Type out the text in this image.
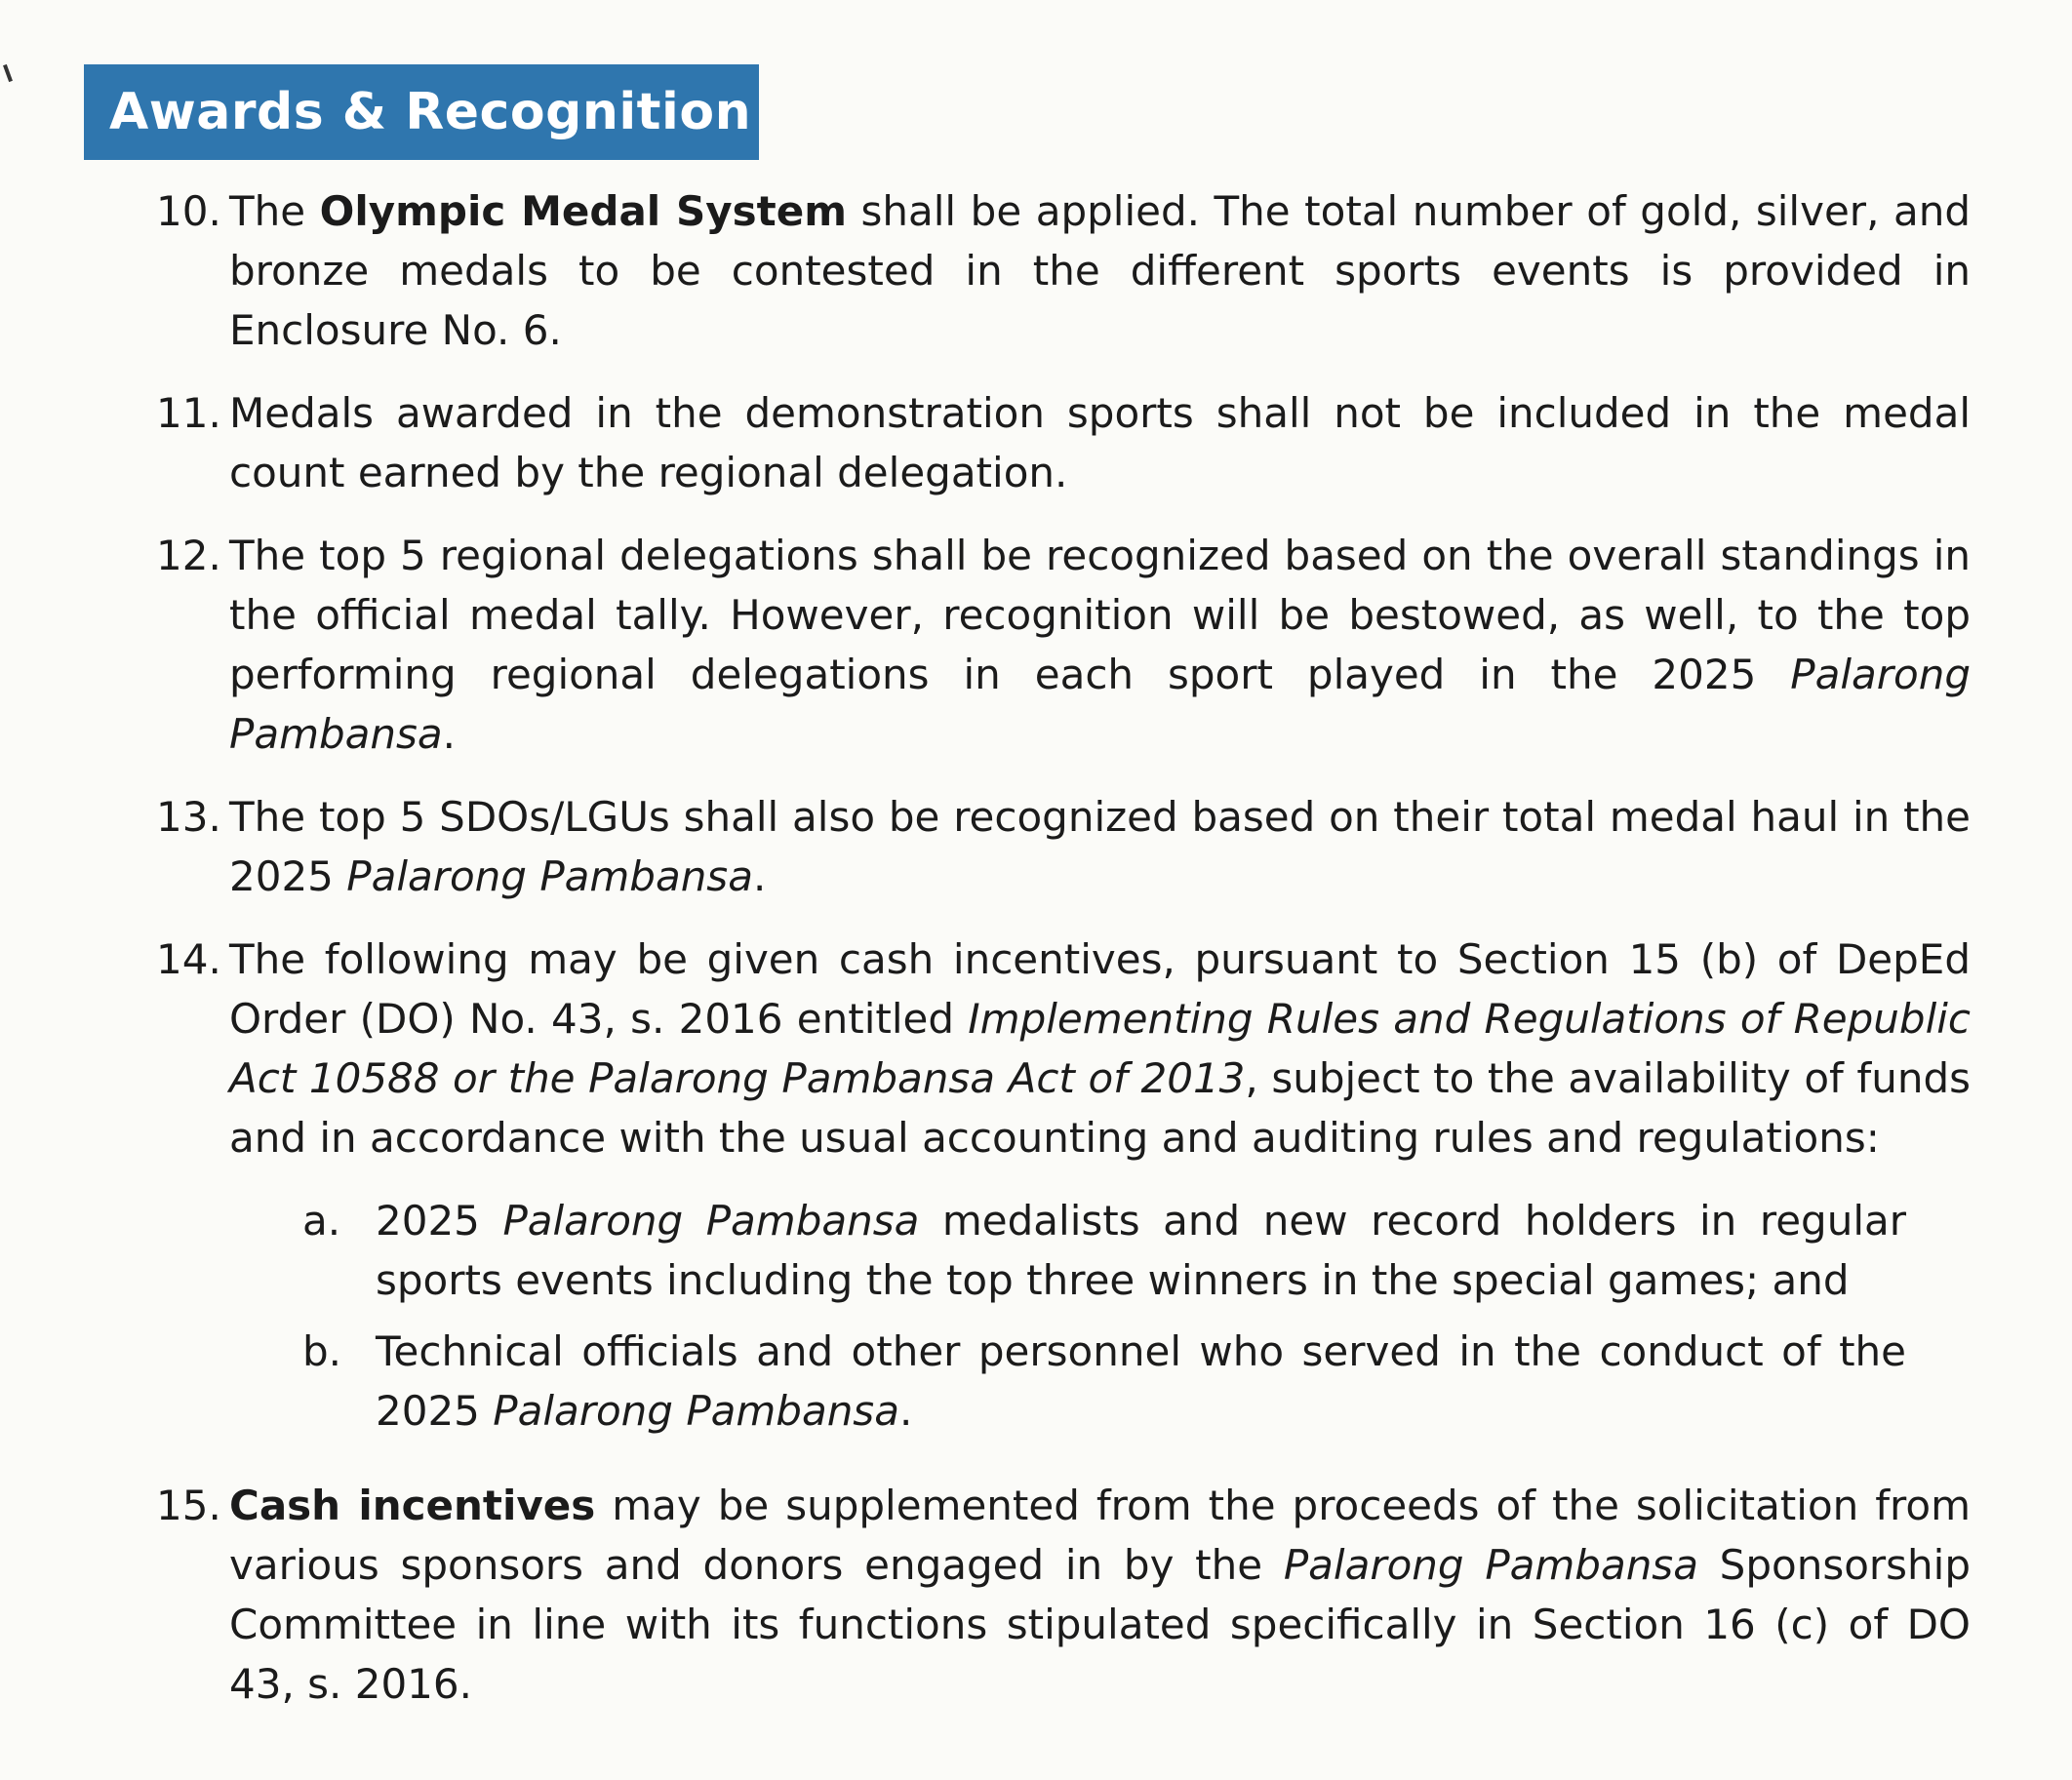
Awards & Recognition
10. The Olympic Medal System shall be applied. The total number of gold, silver, and bronze medals to be contested in the different sports events is provided in Enclosure No. 6.
11. Medals awarded in the demonstration sports shall not be included in the medal count earned by the regional delegation.
12. The top 5 regional delegations shall be recognized based on the overall standings in the official medal tally. However, recognition will be bestowed, as well, to the top performing regional delegations in each sport played in the 2025 Palarong Pambansa.
13. The top 5 SDOs/LGUs shall also be recognized based on their total medal haul in the 2025 Palarong Pambansa.
14. The following may be given cash incentives, pursuant to Section 15 (b) of DepEd Order (DO) No. 43, s. 2016 entitled Implementing Rules and Regulations of Republic Act 10588 or the Palarong Pambansa Act of 2013, subject to the availability of funds and in accordance with the usual accounting and auditing rules and regulations:
a. 2025 Palarong Pambansa medalists and new record holders in regular sports events including the top three winners in the special games; and
b. Technical officials and other personnel who served in the conduct of the 2025 Palarong Pambansa.
15. Cash incentives may be supplemented from the proceeds of the solicitation from various sponsors and donors engaged in by the Palarong Pambansa Sponsorship Committee in line with its functions stipulated specifically in Section 16 (c) of DO 43, s. 2016.
